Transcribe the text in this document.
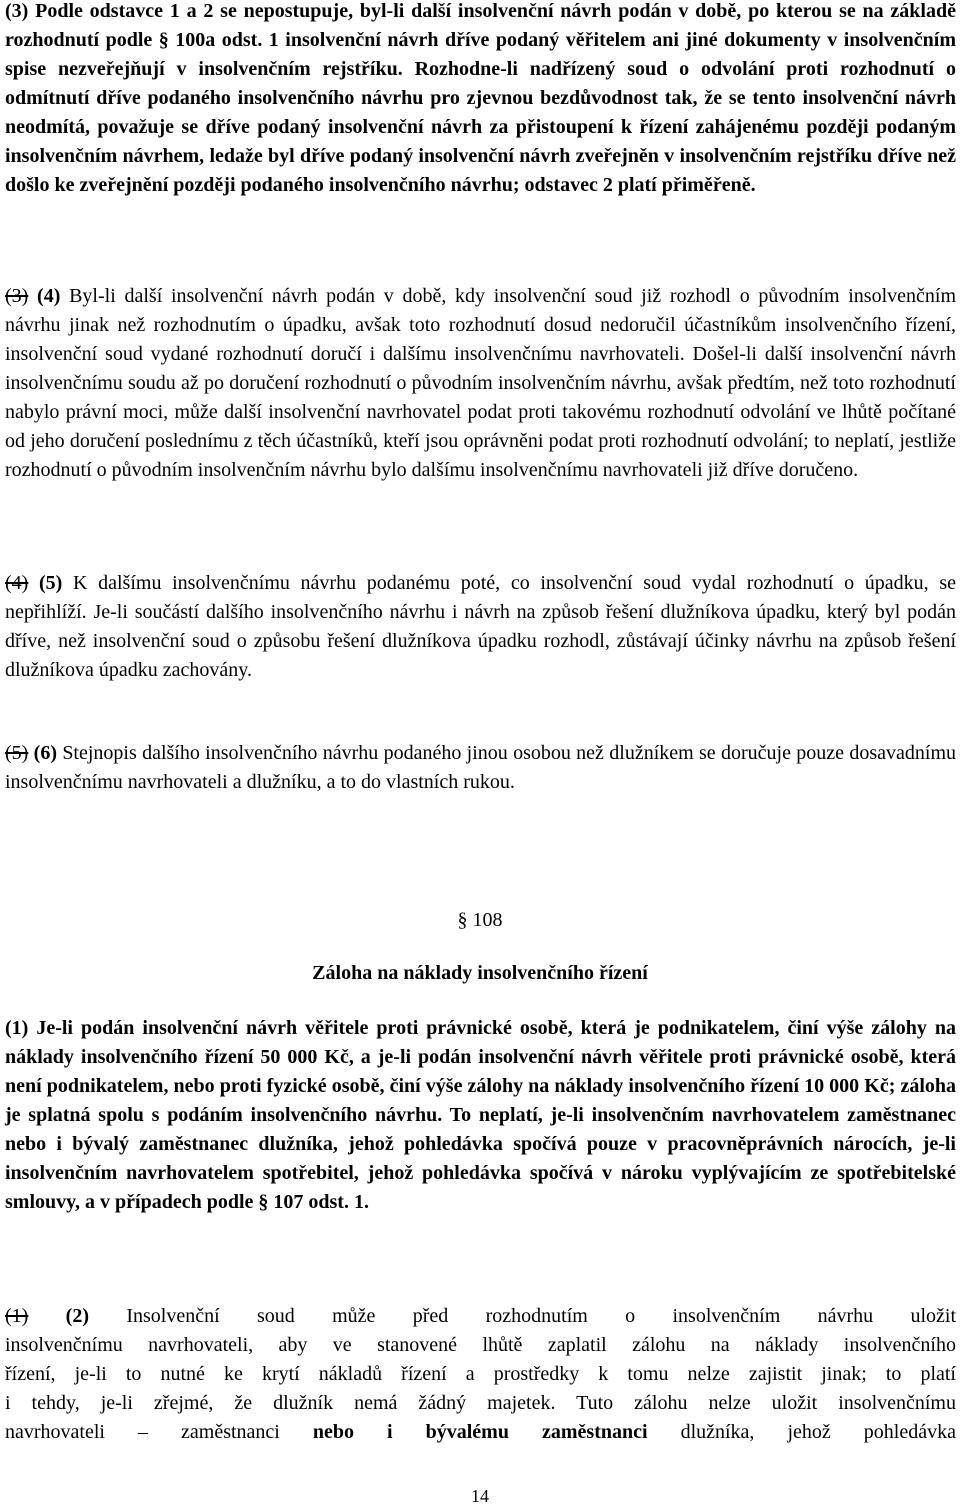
(3) Podle odstavce 1 a 2 se nepostupuje, byl-li další insolvenční návrh podán v době, po kterou se na základě rozhodnutí podle § 100a odst. 1 insolvenční návrh dříve podaný věřitelem ani jiné dokumenty v insolvenčním spise nezveřejňují v insolvenčním rejstříku. Rozhodne-li nadřízený soud o odvolání proti rozhodnutí o odmítnutí dříve podaného insolvenčního návrhu pro zjevnou bezdůvodnost tak, že se tento insolvenční návrh neodmítá, považuje se dříve podaný insolvenční návrh za přistoupení k řízení zahájenému později podaným insolvenčním návrhem, ledaže byl dříve podaný insolvenční návrh zveřejněn v insolvenčním rejstříku dříve než došlo ke zveřejnění později podaného insolvenčního návrhu; odstavec 2 platí přiměřeně.

(3) (4) Byl-li další insolvenční návrh podán v době, kdy insolvenční soud již rozhodl o původním insolvenčním návrhu jinak než rozhodnutím o úpadku, avšak toto rozhodnutí dosud nedoručil účastníkům insolvenčního řízení, insolvenční soud vydané rozhodnutí doručí i dalšímu insolvenčnímu navrhovateli. Došel-li další insolvenční návrh insolvenčnímu soudu až po doručení rozhodnutí o původním insolvenčním návrhu, avšak předtím, než toto rozhodnutí nabylo právní moci, může další insolvenční navrhovatel podat proti takovému rozhodnutí odvolání ve lhůtě počítané od jeho doručení poslednímu z těch účastníků, kteří jsou oprávněni podat proti rozhodnutí odvolání; to neplatí, jestliže rozhodnutí o původním insolvenčním návrhu bylo dalšímu insolvenčnímu navrhovateli již dříve doručeno.

(4) (5) K dalšímu insolvenčnímu návrhu podanému poté, co insolvenční soud vydal rozhodnutí o úpadku, se nepřihlíží. Je-li součástí dalšího insolvenčního návrhu i návrh na způsob řešení dlužníkova úpadku, který byl podán dříve, než insolvenční soud o způsobu řešení dlužníkova úpadku rozhodl, zůstávají účinky návrhu na způsob řešení dlužníkova úpadku zachovány.

(5) (6) Stejnopis dalšího insolvenčního návrhu podaného jinou osobou než dlužníkem se doručuje pouze dosavadnímu insolvenčnímu navrhovateli a dlužníku, a to do vlastních rukou.

§ 108
Záloha na náklady insolvenčního řízení

(1) Je-li podán insolvenční návrh věřitele proti právnické osobě, která je podnikatelem, činí výše zálohy na náklady insolvenčního řízení 50 000 Kč, a je-li podán insolvenční návrh věřitele proti právnické osobě, která není podnikatelem, nebo proti fyzické osobě, činí výše zálohy na náklady insolvenčního řízení 10 000 Kč; záloha je splatná spolu s podáním insolvenčního návrhu. To neplatí, je-li insolvenčním navrhovatelem zaměstnanec nebo i bývalý zaměstnanec dlužníka, jehož pohledávka spočívá pouze v pracovněprávních nárocích, je-li insolvenčním navrhovatelem spotřebitel, jehož pohledávka spočívá v nároku vyplývajícím ze spotřebitelské smlouvy, a v případech podle § 107 odst. 1.

(1) (2) Insolvenční soud může před rozhodnutím o insolvenčním návrhu uložit
insolvenčnímu navrhovateli, aby ve stanovené lhůtě zaplatil zálohu na náklady insolvenčního
řízení, je-li to nutné ke krytí nákladů řízení a prostředky k tomu nelze zajistit jinak; to platí
i tehdy, je-li zřejmé, že dlužník nemá žádný majetek. Tuto zálohu nelze uložit insolvenčnímu
navrhovateli – zaměstnanci nebo i bývalému zaměstnanci dlužníka, jehož pohledávka
14
